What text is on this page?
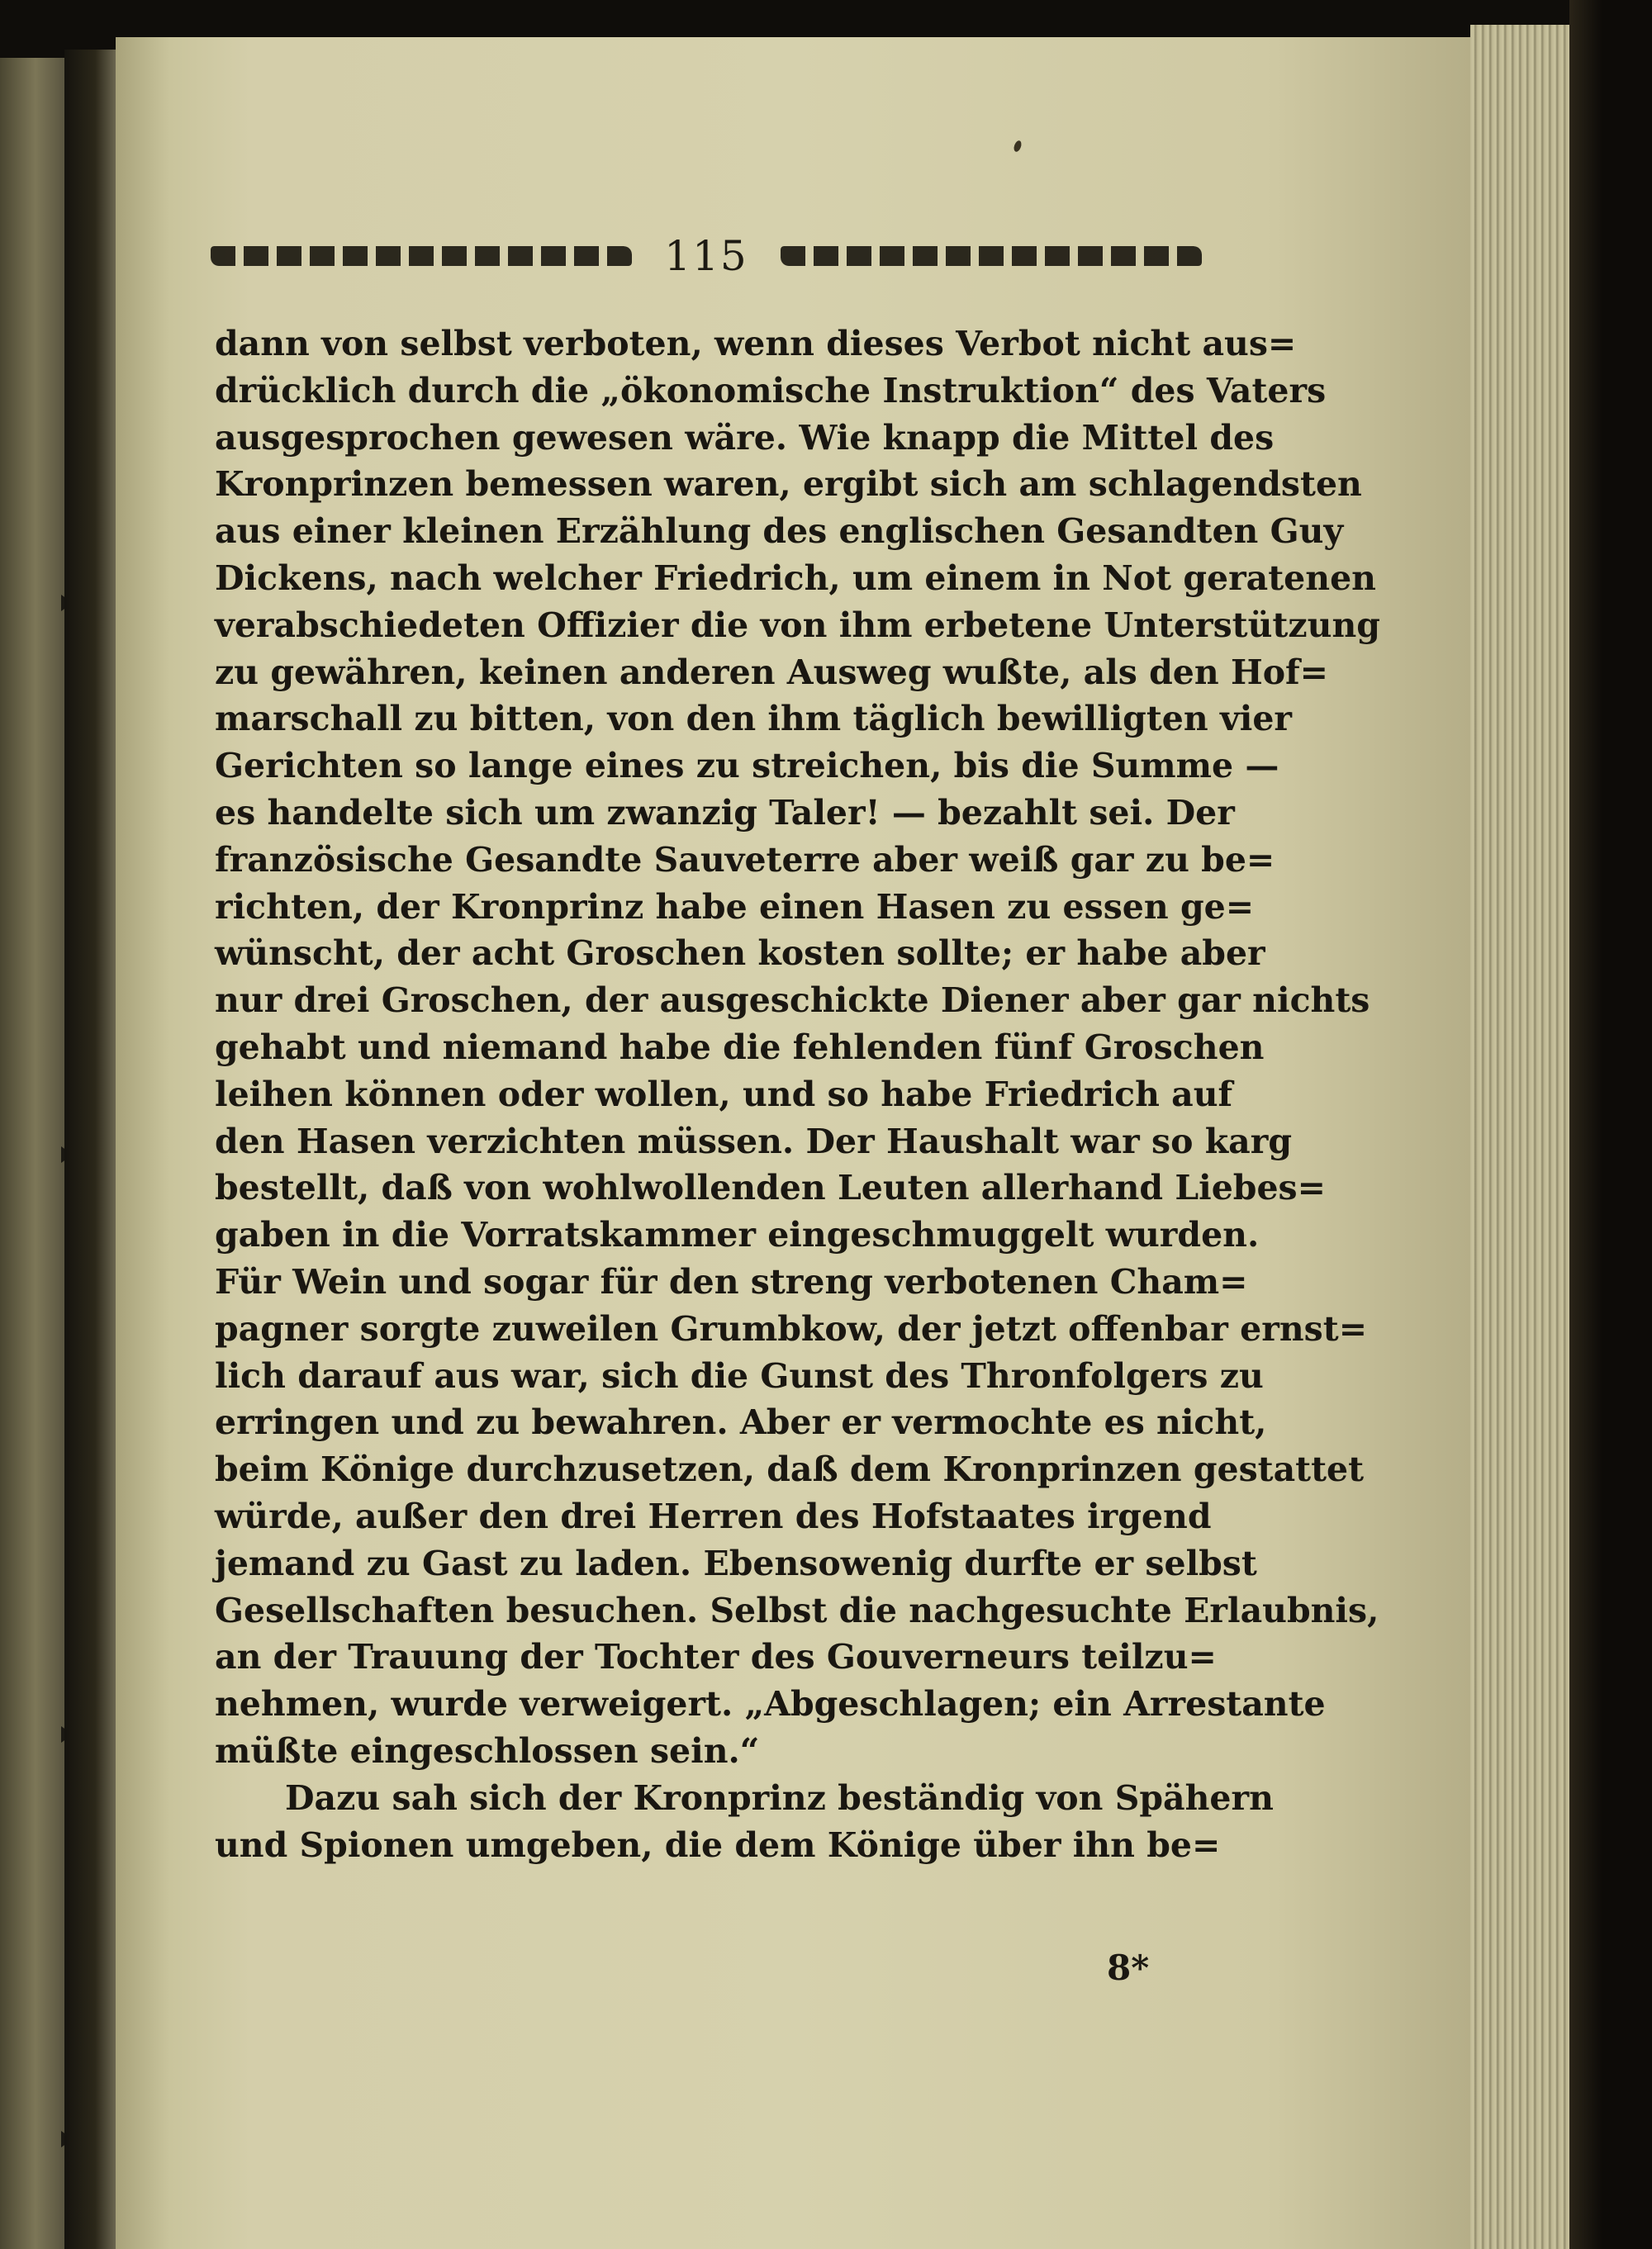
115
dann von selbst verboten, wenn dieses Verbot nicht aus=
drücklich durch die „ökonomische Instruktion“ des Vaters
ausgesprochen gewesen wäre. Wie knapp die Mittel des
Kronprinzen bemessen waren, ergibt sich am schlagendsten
aus einer kleinen Erzählung des englischen Gesandten Guy
Dickens, nach welcher Friedrich, um einem in Not geratenen
verabschiedeten Offizier die von ihm erbetene Unterstützung
zu gewähren, keinen anderen Ausweg wußte, als den Hof=
marschall zu bitten, von den ihm täglich bewilligten vier
Gerichten so lange eines zu streichen, bis die Summe —
es handelte sich um zwanzig Taler! — bezahlt sei. Der
französische Gesandte Sauveterre aber weiß gar zu be=
richten, der Kronprinz habe einen Hasen zu essen ge=
wünscht, der acht Groschen kosten sollte; er habe aber
nur drei Groschen, der ausgeschickte Diener aber gar nichts
gehabt und niemand habe die fehlenden fünf Groschen
leihen können oder wollen, und so habe Friedrich auf
den Hasen verzichten müssen. Der Haushalt war so karg
bestellt, daß von wohlwollenden Leuten allerhand Liebes=
gaben in die Vorratskammer eingeschmuggelt wurden.
Für Wein und sogar für den streng verbotenen Cham=
pagner sorgte zuweilen Grumbkow, der jetzt offenbar ernst=
lich darauf aus war, sich die Gunst des Thronfolgers zu
erringen und zu bewahren. Aber er vermochte es nicht,
beim Könige durchzusetzen, daß dem Kronprinzen gestattet
würde, außer den drei Herren des Hofstaates irgend
jemand zu Gast zu laden. Ebensowenig durfte er selbst
Gesellschaften besuchen. Selbst die nachgesuchte Erlaubnis,
an der Trauung der Tochter des Gouverneurs teilzu=
nehmen, wurde verweigert. „Abgeschlagen; ein Arrestante
müßte eingeschlossen sein.“
Dazu sah sich der Kronprinz beständig von Spähern
und Spionen umgeben, die dem Könige über ihn be=
8*
